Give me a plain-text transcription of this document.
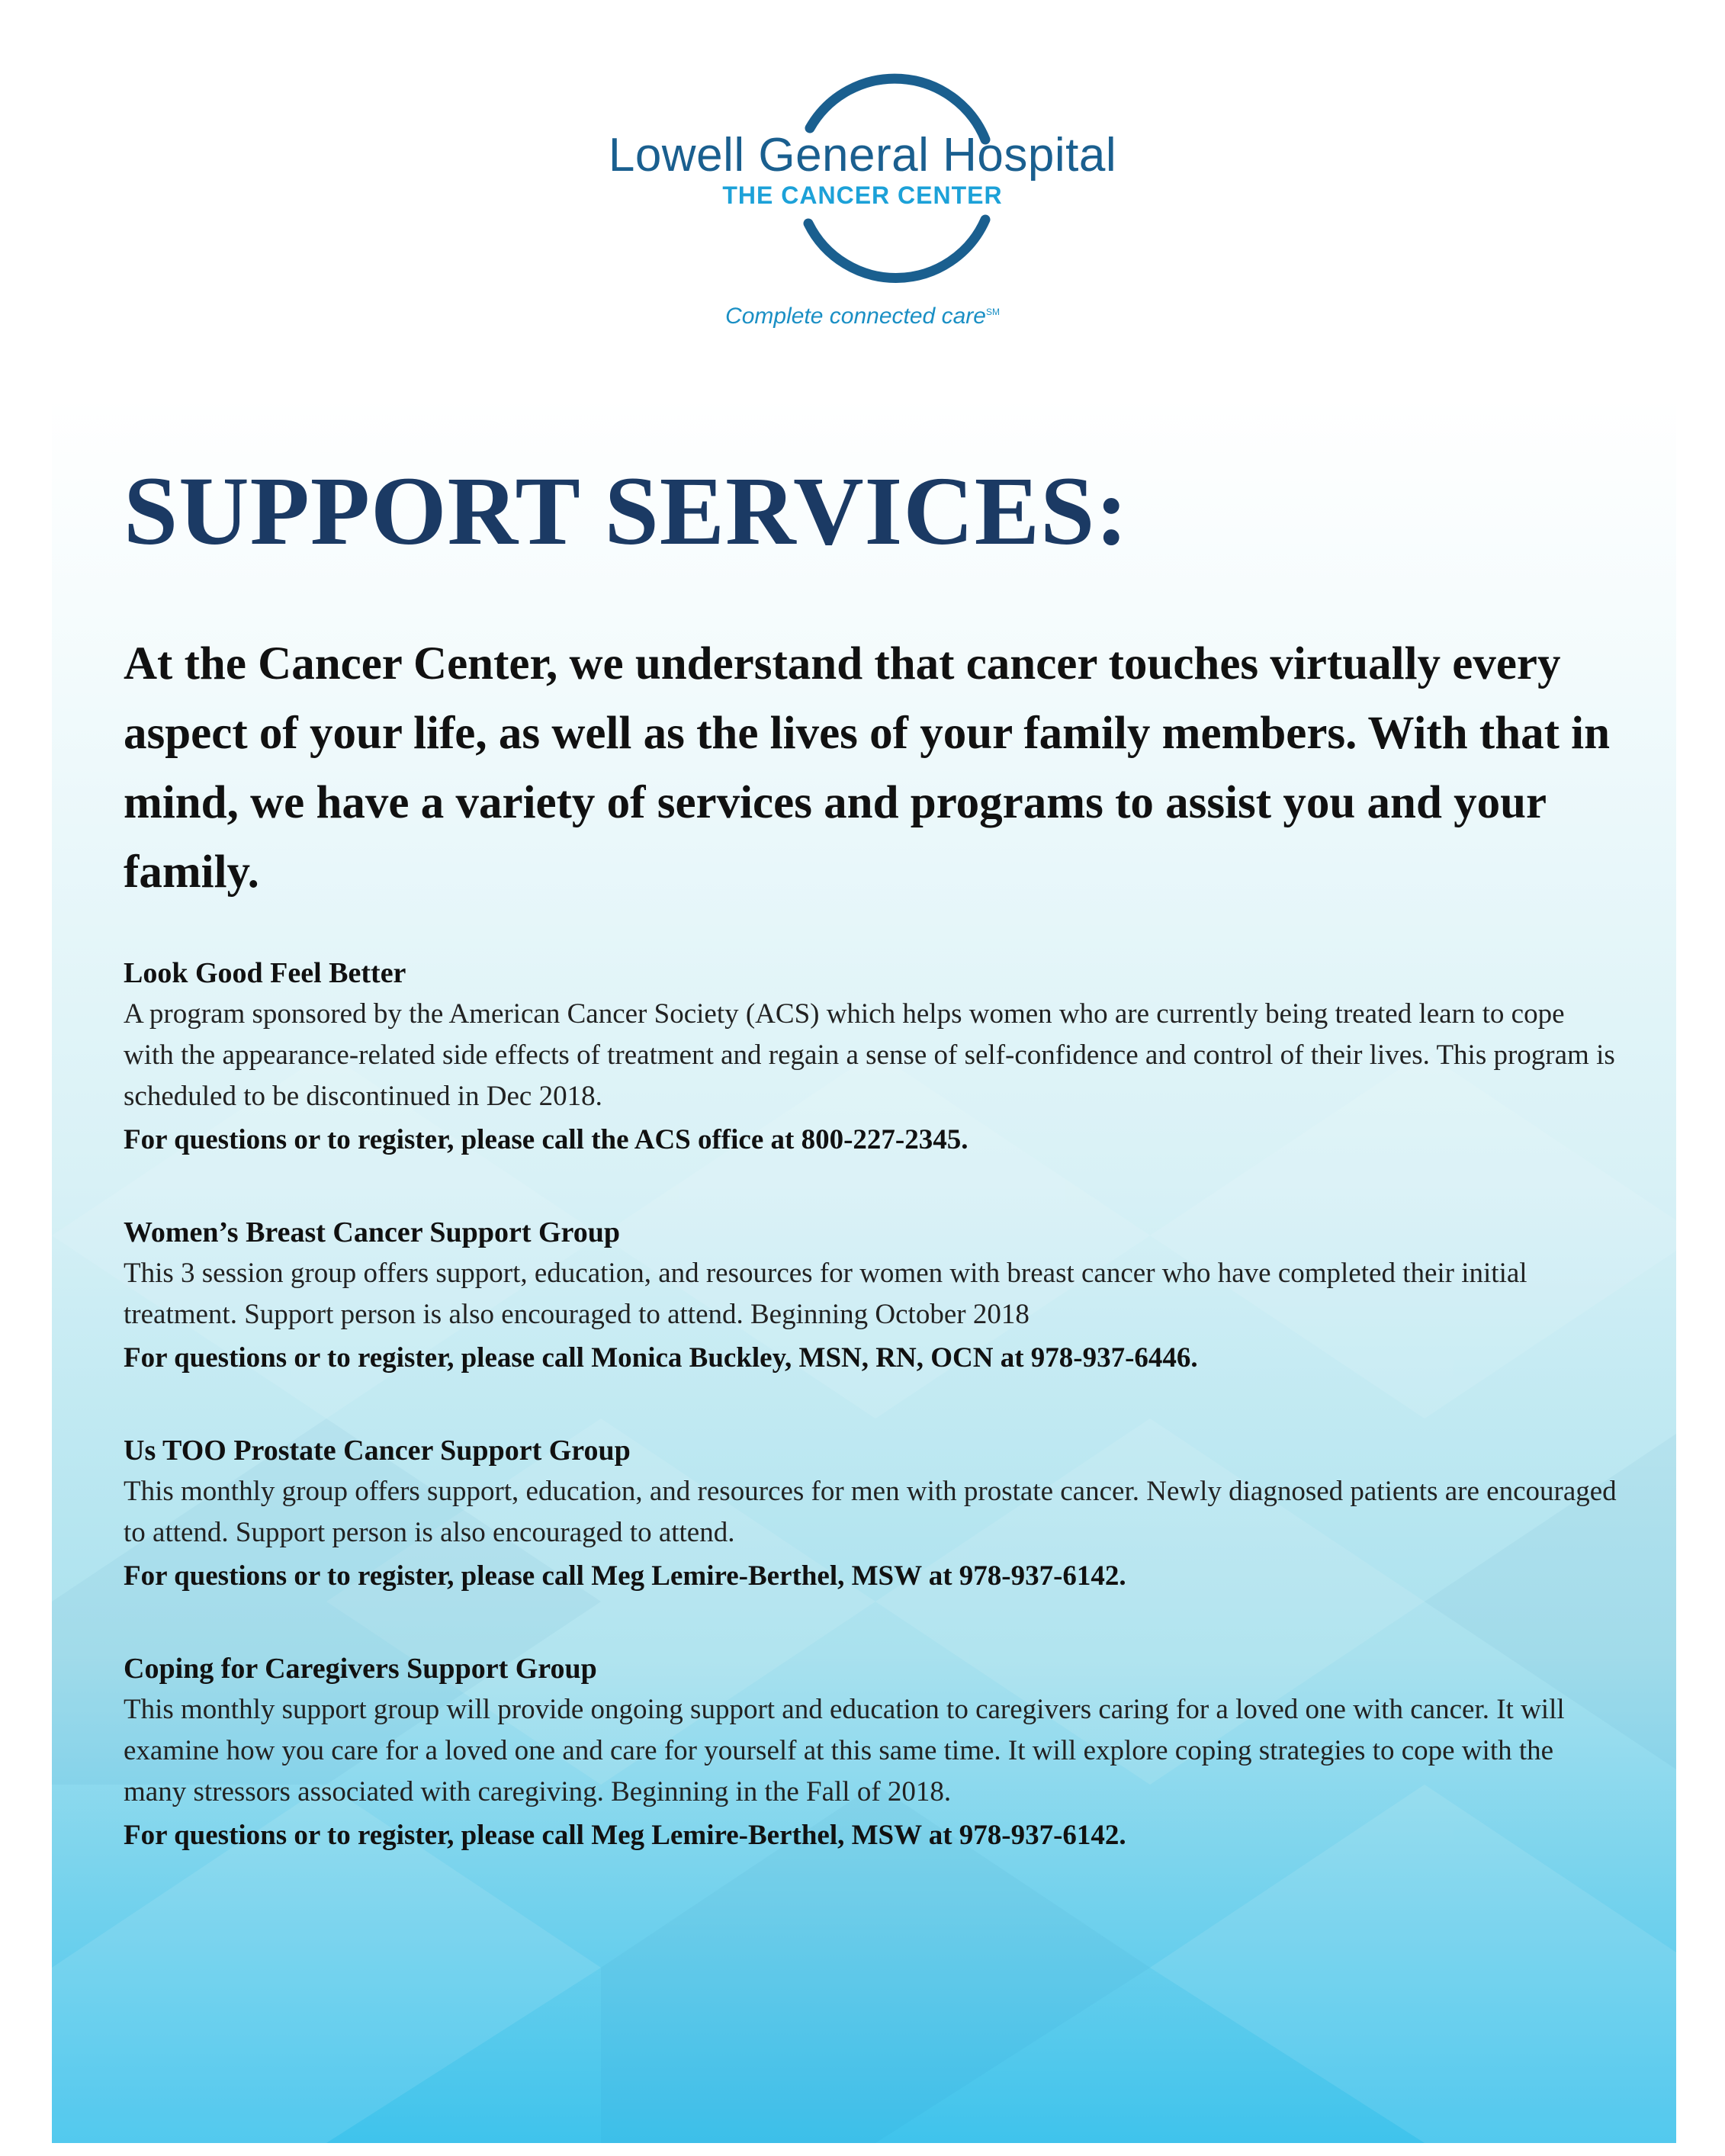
Lowell General Hospital
THE CANCER CENTER
Complete connected care℠
SUPPORT SERVICES:

At the Cancer Center, we understand that cancer touches virtually every aspect of your life, as well as the lives of your family members. With that in mind, we have a variety of services and programs to assist you and your family.

Look Good Feel Better
A program sponsored by the American Cancer Society (ACS) which helps women who are currently being treated learn to cope with the appearance-related side effects of treatment and regain a sense of self-confidence and control of their lives. This program is scheduled to be discontinued in Dec 2018.
For questions or to register, please call the ACS office at 800-227-2345.
Women’s Breast Cancer Support Group
This 3 session group offers support, education, and resources for women with breast cancer who have completed their initial treatment. Support person is also encouraged to attend. Beginning October 2018
For questions or to register, please call Monica Buckley, MSN, RN, OCN at 978-937-6446.
Us TOO Prostate Cancer Support Group
This monthly group offers support, education, and resources for men with prostate cancer. Newly diagnosed patients are encouraged to attend. Support person is also encouraged to attend.
For questions or to register, please call Meg Lemire-Berthel, MSW at 978-937-6142.
Coping for Caregivers Support Group
This monthly support group will provide ongoing support and education to caregivers caring for a loved one with cancer. It will examine how you care for a loved one and care for yourself at this same time. It will explore coping strategies to cope with the many stressors associated with caregiving. Beginning in the Fall of 2018.
For questions or to register, please call Meg Lemire-Berthel, MSW at 978-937-6142.
